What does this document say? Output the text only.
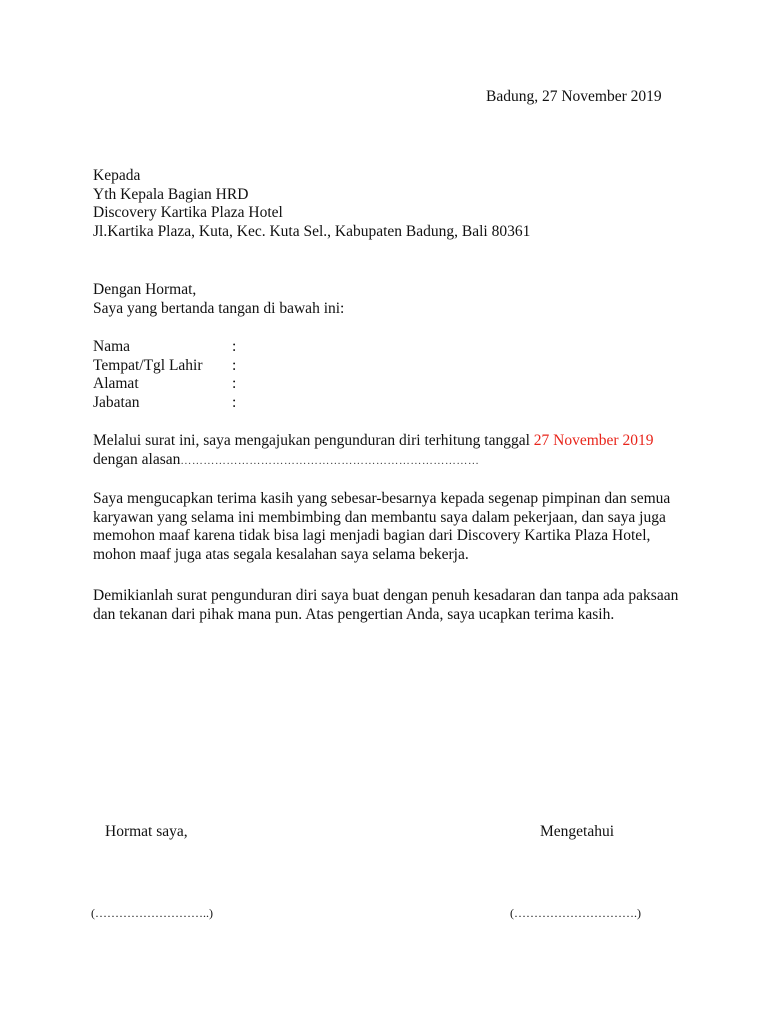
Badung, 27 November 2019
Kepada
Yth Kepala Bagian HRD
Discovery Kartika Plaza Hotel
Jl.Kartika Plaza, Kuta, Kec. Kuta Sel., Kabupaten Badung, Bali 80361
Dengan Hormat,
Saya yang bertanda tangan di bawah ini:
Nama	:
Tempat/Tgl Lahir :
Alamat	:
Jabatan	:
Melalui surat ini, saya mengajukan pengunduran diri terhitung tanggal 27 November 2019 dengan alasan……………………………………………………………………
Saya mengucapkan terima kasih yang sebesar-besarnya kepada segenap pimpinan dan semua karyawan yang selama ini membimbing dan membantu saya dalam pekerjaan, dan saya juga memohon maaf karena tidak bisa lagi menjadi bagian dari Discovery Kartika Plaza Hotel, mohon maaf juga atas segala kesalahan saya selama bekerja.
Demikianlah surat pengunduran diri saya buat dengan penuh kesadaran dan tanpa ada paksaan dan tekanan dari pihak mana pun. Atas pengertian Anda, saya ucapkan terima kasih.
Hormat saya,	Mengetahui
(………………………..)	(………………………….)
